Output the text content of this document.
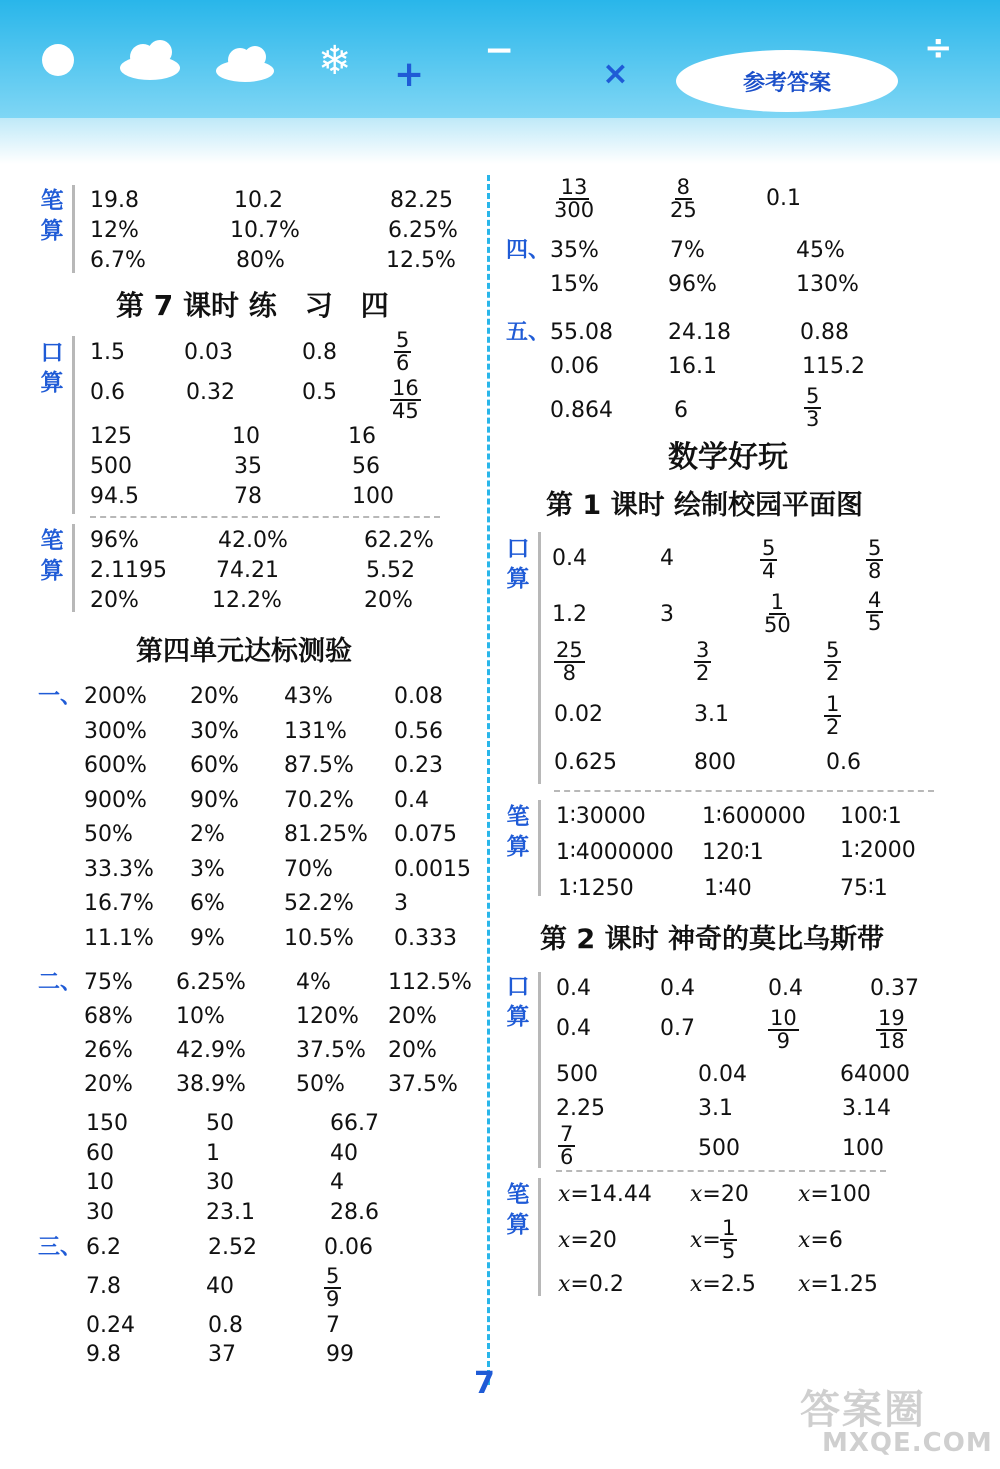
❄ +
−
×
÷
参考答案
笔算
19.8	10.2	82.25
12%	10.7%	6.25%
6.7%	80%	12.5%
第 7 课时 练　习　四
口算
1.5	0.03	0.8	$\frac{5}{6}$
0.6	0.32	0.5	$\frac{16}{45}$
125	10	16
500	35	56
94.5	78	100
笔算
96%	42.0%	62.2%
2.1195 74.21	5.52
20%	12.2%	20%
第四单元达标测验
一、 200% 20% 43%	0.08
300% 30% 131% 0.56
600% 60% 87.5% 0.23
900% 90% 70.2% 0.4
50%	2%	81.25% 0.075
33.3% 3%	70%	0.0015
16.7% 6%	52.2% 3
11.1% 9%	10.5% 0.333
二、 75% 6.25% 4%	112.5%
68% 10%	120% 20%
26% 42.9% 37.5% 20%
20% 38.9% 50% 37.5%
150	50	66.7
60	1	40
10	30	4
30	23.1	28.6
三、 6.2	2.52	0.06
7.8	40	$\frac{5}{9}$
0.24	0.8	7
9.8	37	99
$\frac{13}{300}$	$\frac{8}{25}$	0.1
四、 35%	7%	45%
15%	96%	130%
五、 55.08	24.18	0.88
0.06	16.1	115.2
0.864	6	$\frac{5}{3}$
数学好玩
第 1 课时 绘制校园平面图
口算
0.4	4	$\frac{5}{4}$	$\frac{5}{8}$
1.2	3	$\frac{1}{50}$	$\frac{4}{5}$
$\frac{25}{8}$	$\frac{3}{2}$	$\frac{5}{2}$
0.02	3.1	$\frac{1}{2}$
0.625	800	0.6
笔算
1∶30000	1∶600000 100∶1
1∶4000000 120∶1	1∶2000
1∶1250	1∶40	75∶1
第 2 课时 神奇的莫比乌斯带
口算
0.4	0.4	0.4	0.37
0.4	0.7	$\frac{10}{9}$	$\frac{19}{18}$
500	0.04	64000
2.25	3.1	3.14
$\frac{7}{6}$	500	100
笔算
x=14.44 x=20 x=100
x=20	$x= \frac{1}{5}$	x=6
x=0.2	x=2.5 x=1.25
7
答案圈
MXQE.COM
